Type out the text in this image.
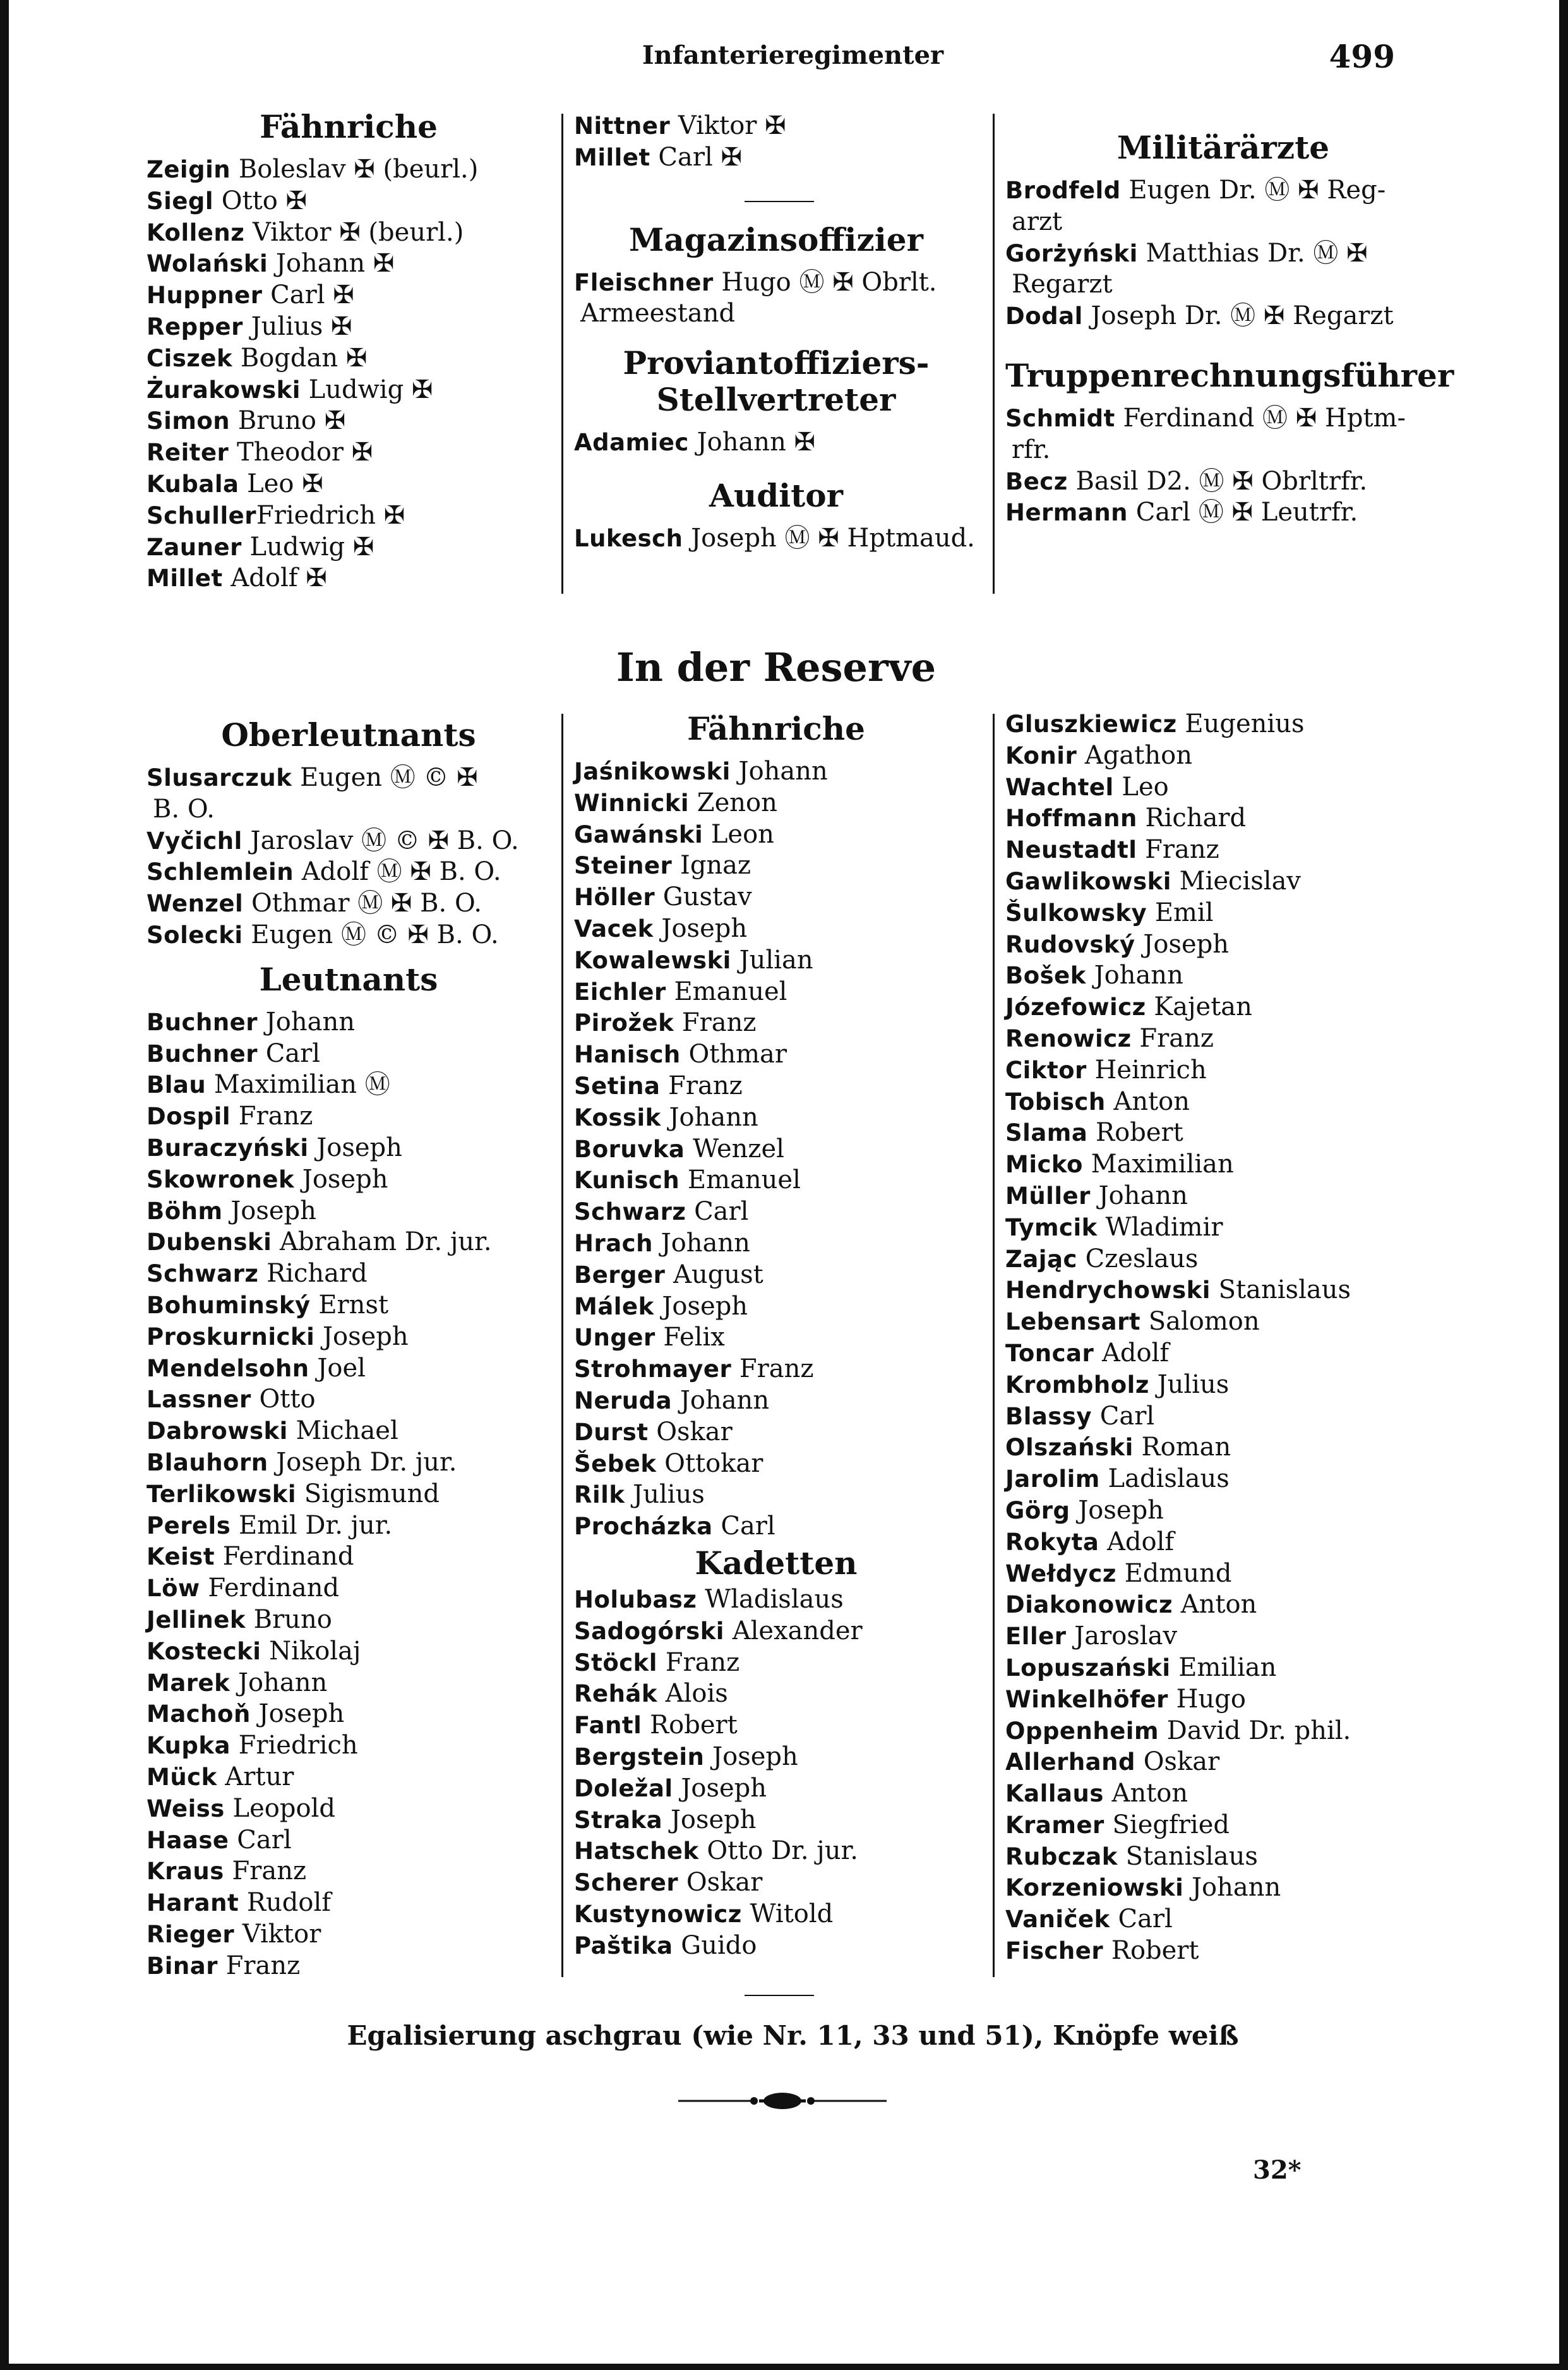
Infanterieregimenter	499
Fähnriche
Zeigin Boleslav ✠ (beurl.)
Siegl Otto ✠
Kollenz Viktor ✠ (beurl.)
Wolański Johann ✠
Huppner Carl ✠
Repper Julius ✠
Ciszek Bogdan ✠
Żurakowski Ludwig ✠
Simon Bruno ✠
Reiter Theodor ✠
Kubala Leo ✠
SchullerFriedrich ✠
Zauner Ludwig ✠
Millet Adolf ✠
Nittner Viktor ✠
Millet Carl ✠
Magazinsoffizier
Fleischner Hugo Ⓜ ✠ Obrlt.
Armeestand
Proviantoffiziers-Stellvertreter
Adamiec Johann ✠
Auditor
Lukesch Joseph Ⓜ ✠ Hptmaud.
Militärärzte
Brodfeld Eugen Dr. Ⓜ ✠ Reg-
arzt
Gorżyński Matthias Dr. Ⓜ ✠
Regarzt
Dodal Joseph Dr. Ⓜ ✠ Regarzt
Truppenrechnungsführer
Schmidt Ferdinand Ⓜ ✠ Hptm-
rfr.
Becz Basil D2. Ⓜ ✠ Obrltrfr.
Hermann Carl Ⓜ ✠ Leutrfr.
In der Reserve
Oberleutnants
Slusarczuk Eugen Ⓜ © ✠
B. O.
Vyčichl Jaroslav Ⓜ © ✠ B. O.
Schlemlein Adolf Ⓜ ✠ B. O.
Wenzel Othmar Ⓜ ✠ B. O.
Solecki Eugen Ⓜ © ✠ B. O.
Leutnants
Buchner Johann
Buchner Carl
Blau Maximilian Ⓜ
Dospil Franz
Buraczyński Joseph
Skowronek Joseph
Böhm Joseph
Dubenski Abraham Dr. jur.
Schwarz Richard
Bohuminský Ernst
Proskurnicki Joseph
Mendelsohn Joel
Lassner Otto
Dabrowski Michael
Blauhorn Joseph Dr. jur.
Terlikowski Sigismund
Perels Emil Dr. jur.
Keist Ferdinand
Löw Ferdinand
Jellinek Bruno
Kostecki Nikolaj
Marek Johann
Machoň Joseph
Kupka Friedrich
Mück Artur
Weiss Leopold
Haase Carl
Kraus Franz
Harant Rudolf
Rieger Viktor
Binar Franz
Fähnriche
Jaśnikowski Johann
Winnicki Zenon
Gawánski Leon
Steiner Ignaz
Höller Gustav
Vacek Joseph
Kowalewski Julian
Eichler Emanuel
Pirožek Franz
Hanisch Othmar
Setina Franz
Kossik Johann
Boruvka Wenzel
Kunisch Emanuel
Schwarz Carl
Hrach Johann
Berger August
Málek Joseph
Unger Felix
Strohmayer Franz
Neruda Johann
Durst Oskar
Šebek Ottokar
Rilk Julius
Procházka Carl
Kadetten
Holubasz Wladislaus
Sadogórski Alexander
Stöckl Franz
Rehák Alois
Fantl Robert
Bergstein Joseph
Doležal Joseph
Straka Joseph
Hatschek Otto Dr. jur.
Scherer Oskar
Kustynowicz Witold
Paštika Guido
Gluszkiewicz Eugenius
Konir Agathon
Wachtel Leo
Hoffmann Richard
Neustadtl Franz
Gawlikowski Miecislav
Šulkowsky Emil
Rudovský Joseph
Bošek Johann
Józefowicz Kajetan
Renowicz Franz
Ciktor Heinrich
Tobisch Anton
Slama Robert
Micko Maximilian
Müller Johann
Tymcik Wladimir
Zając Czeslaus
Hendrychowski Stanislaus
Lebensart Salomon
Toncar Adolf
Krombholz Julius
Blassy Carl
Olszański Roman
Jarolim Ladislaus
Görg Joseph
Rokyta Adolf
Wełdycz Edmund
Diakonowicz Anton
Eller Jaroslav
Lopuszański Emilian
Winkelhöfer Hugo
Oppenheim David Dr. phil.
Allerhand Oskar
Kallaus Anton
Kramer Siegfried
Rubczak Stanislaus
Korzeniowski Johann
Vaniček Carl
Fischer Robert
Egalisierung aschgrau (wie Nr. 11, 33 und 51), Knöpfe weiß
32*
